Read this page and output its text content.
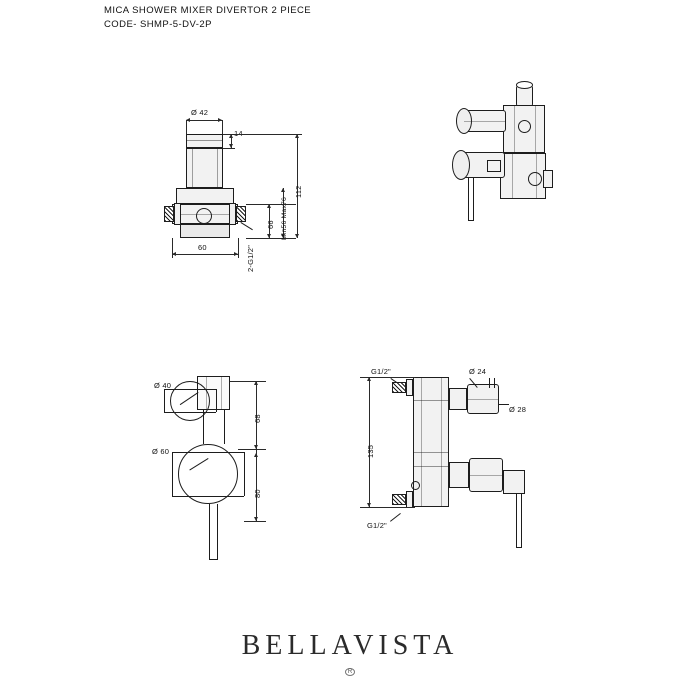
MICA SHOWER MIXER DIVERTOR 2 PIECE
CODE- SHMP-5-DV-2P
Ø 42
60	2-G1/2"
66 Min56 Max76
112
Ø 40
Ø 60
68
80
G1/2"
G1/2"
Ø 24
Ø 28
135
BELLAVISTA
R
